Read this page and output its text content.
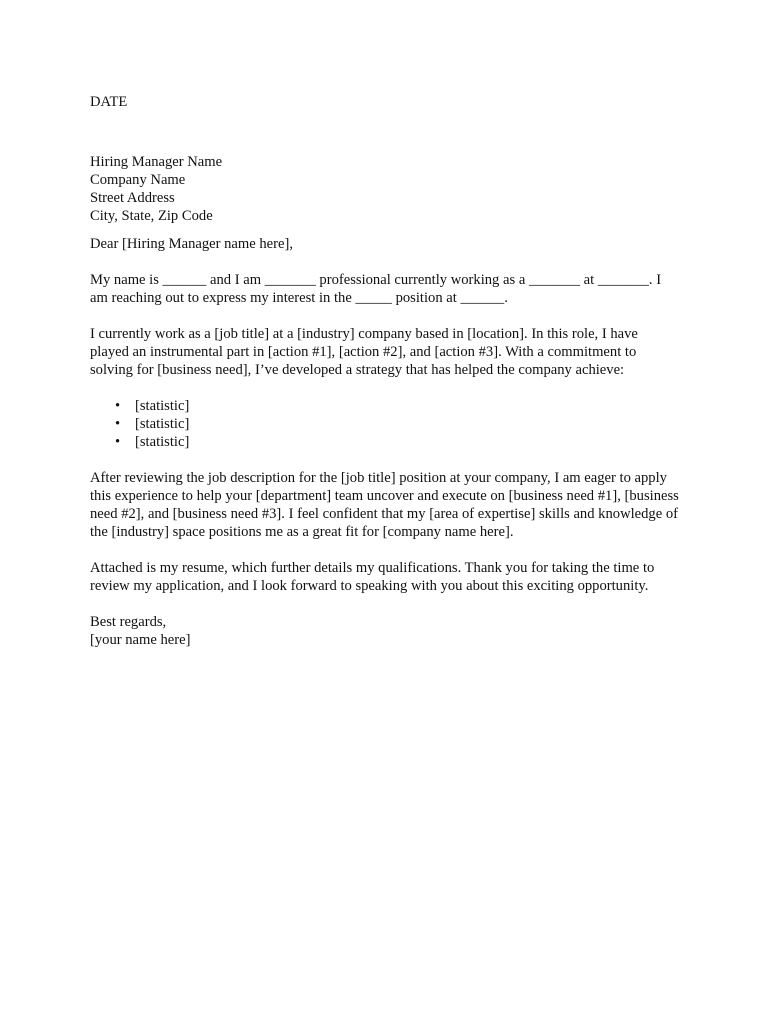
DATE

Hiring Manager Name
Company Name
Street Address
City, State, Zip Code

Dear [Hiring Manager name here],

My name is ______ and I am _______ professional currently working as a _______ at _______. I am reaching out to express my interest in the _____ position at ______.

I currently work as a [job title] at a [industry] company based in [location]. In this role, I have played an instrumental part in [action #1], [action #2], and [action #3]. With a commitment to solving for [business need], I’ve developed a strategy that has helped the company achieve:

• [statistic]
• [statistic]
• [statistic]

After reviewing the job description for the [job title] position at your company, I am eager to apply this experience to help your [department] team uncover and execute on [business need #1], [business need #2], and [business need #3]. I feel confident that my [area of expertise] skills and knowledge of the [industry] space positions me as a great fit for [company name here].

Attached is my resume, which further details my qualifications. Thank you for taking the time to review my application, and I look forward to speaking with you about this exciting opportunity.

Best regards,
[your name here]
